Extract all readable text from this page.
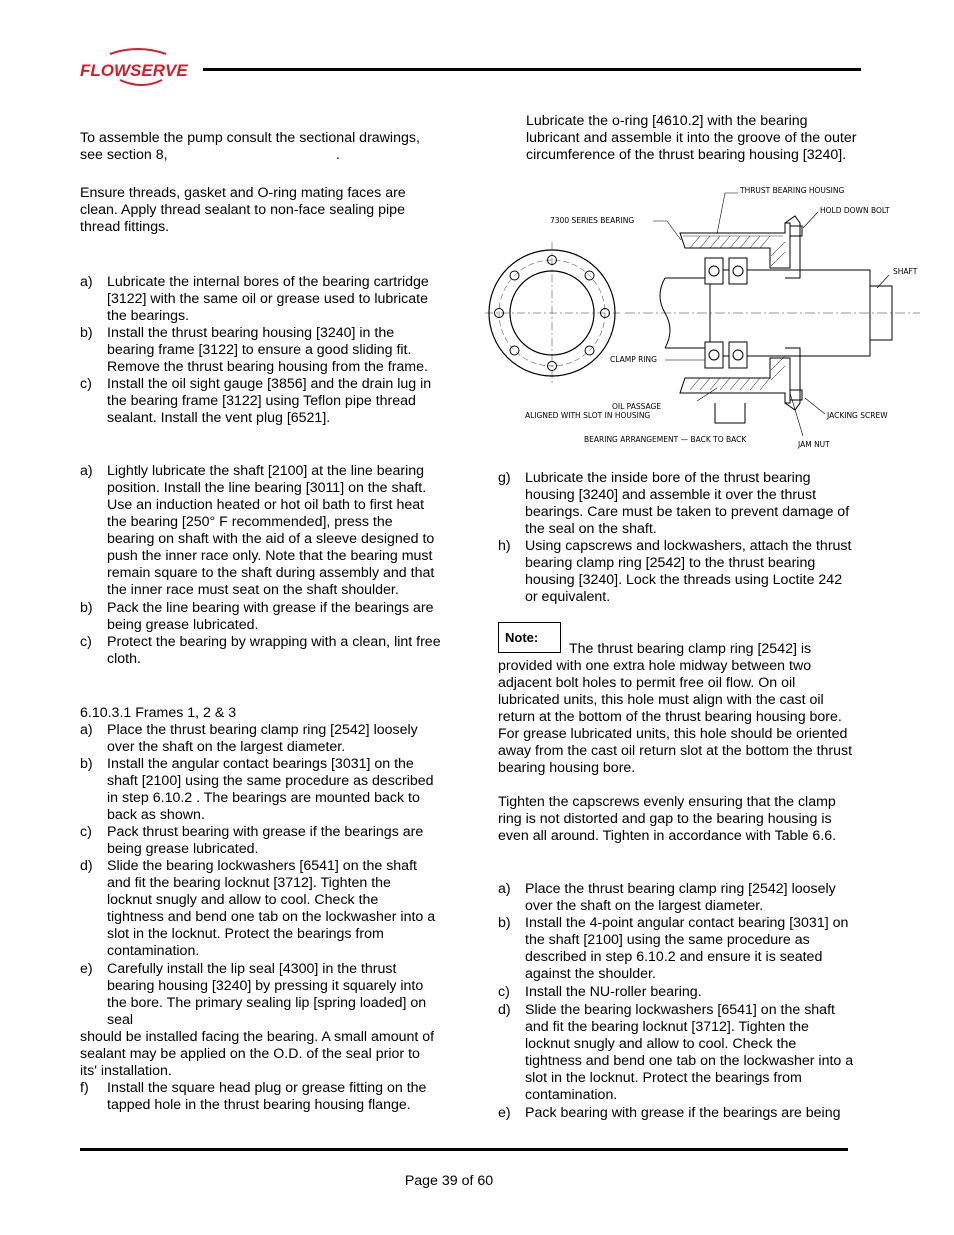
FLOWSERVE
To assemble the pump consult the sectional drawings,
see section 8,	.
Ensure threads, gasket and O-ring mating faces are
clean. Apply thread sealant to non-face sealing pipe
thread fittings.
a) Lubricate the internal bores of the bearing cartridge
[3122] with the same oil or grease used to lubricate
the bearings.
b) Install the thrust bearing housing [3240] in the
bearing frame [3122] to ensure a good sliding fit.
Remove the thrust bearing housing from the frame.
c) Install the oil sight gauge [3856] and the drain lug in
the bearing frame [3122] using Teflon pipe thread
sealant. Install the vent plug [6521].
a) Lightly lubricate the shaft [2100] at the line bearing
position. Install the line bearing [3011] on the shaft.
Use an induction heated or hot oil bath to first heat
the bearing [250° F recommended], press the
bearing on shaft with the aid of a sleeve designed to
push the inner race only. Note that the bearing must
remain square to the shaft during assembly and that
the inner race must seat on the shaft shoulder.
b) Pack the line bearing with grease if the bearings are
being grease lubricated.
c) Protect the bearing by wrapping with a clean, lint free
cloth.
6.10.3.1 Frames 1, 2 & 3
a) Place the thrust bearing clamp ring [2542] loosely
over the shaft on the largest diameter.
b) Install the angular contact bearings [3031] on the
shaft [2100] using the same procedure as described
in step 6.10.2 . The bearings are mounted back to
back as shown.
c) Pack thrust bearing with grease if the bearings are
being grease lubricated.
d) Slide the bearing lockwashers [6541] on the shaft
and fit the bearing locknut [3712]. Tighten the
locknut snugly and allow to cool. Check the
tightness and bend one tab on the lockwasher into a
slot in the locknut. Protect the bearings from
contamination.
e) Carefully install the lip seal [4300] in the thrust
bearing housing [3240] by pressing it squarely into
the bore. The primary sealing lip [spring loaded] on
seal
should be installed facing the bearing. A small amount of
sealant may be applied on the O.D. of the seal prior to
its' installation.
f) Install the square head plug or grease fitting on the
tapped hole in the thrust bearing housing flange.
Lubricate the o-ring [4610.2] with the bearing
lubricant and assemble it into the groove of the outer
circumference of the thrust bearing housing [3240].
THRUST BEARING HOUSING
HOLD DOWN BOLT
7300 SERIES BEARING
SHAFT
CLAMP RING
OIL PASSAGE
ALIGNED WITH SLOT IN HOUSING	JACKING SCREW
BEARING ARRANGEMENT — BACK TO BACK
JAM NUT
g) Lubricate the inside bore of the thrust bearing
housing [3240] and assemble it over the thrust
bearings. Care must be taken to prevent damage of
the seal on the shaft.
h) Using capscrews and lockwashers, attach the thrust
bearing clamp ring [2542] to the thrust bearing
housing [3240]. Lock the threads using Loctite 242
or equivalent.
Note:
The thrust bearing clamp ring [2542] is
provided with one extra hole midway between two
adjacent bolt holes to permit free oil flow. On oil
lubricated units, this hole must align with the cast oil
return at the bottom of the thrust bearing housing bore.
For grease lubricated units, this hole should be oriented
away from the cast oil return slot at the bottom the thrust
bearing housing bore.
Tighten the capscrews evenly ensuring that the clamp
ring is not distorted and gap to the bearing housing is
even all around. Tighten in accordance with Table 6.6.
a) Place the thrust bearing clamp ring [2542] loosely
over the shaft on the largest diameter.
b) Install the 4-point angular contact bearing [3031] on
the shaft [2100] using the same procedure as
described in step 6.10.2 and ensure it is seated
against the shoulder.
c) Install the NU-roller bearing.
d) Slide the bearing lockwashers [6541] on the shaft
and fit the bearing locknut [3712]. Tighten the
locknut snugly and allow to cool. Check the
tightness and bend one tab on the lockwasher into a
slot in the locknut. Protect the bearings from
contamination.
e) Pack bearing with grease if the bearings are being
Page 39 of 60
